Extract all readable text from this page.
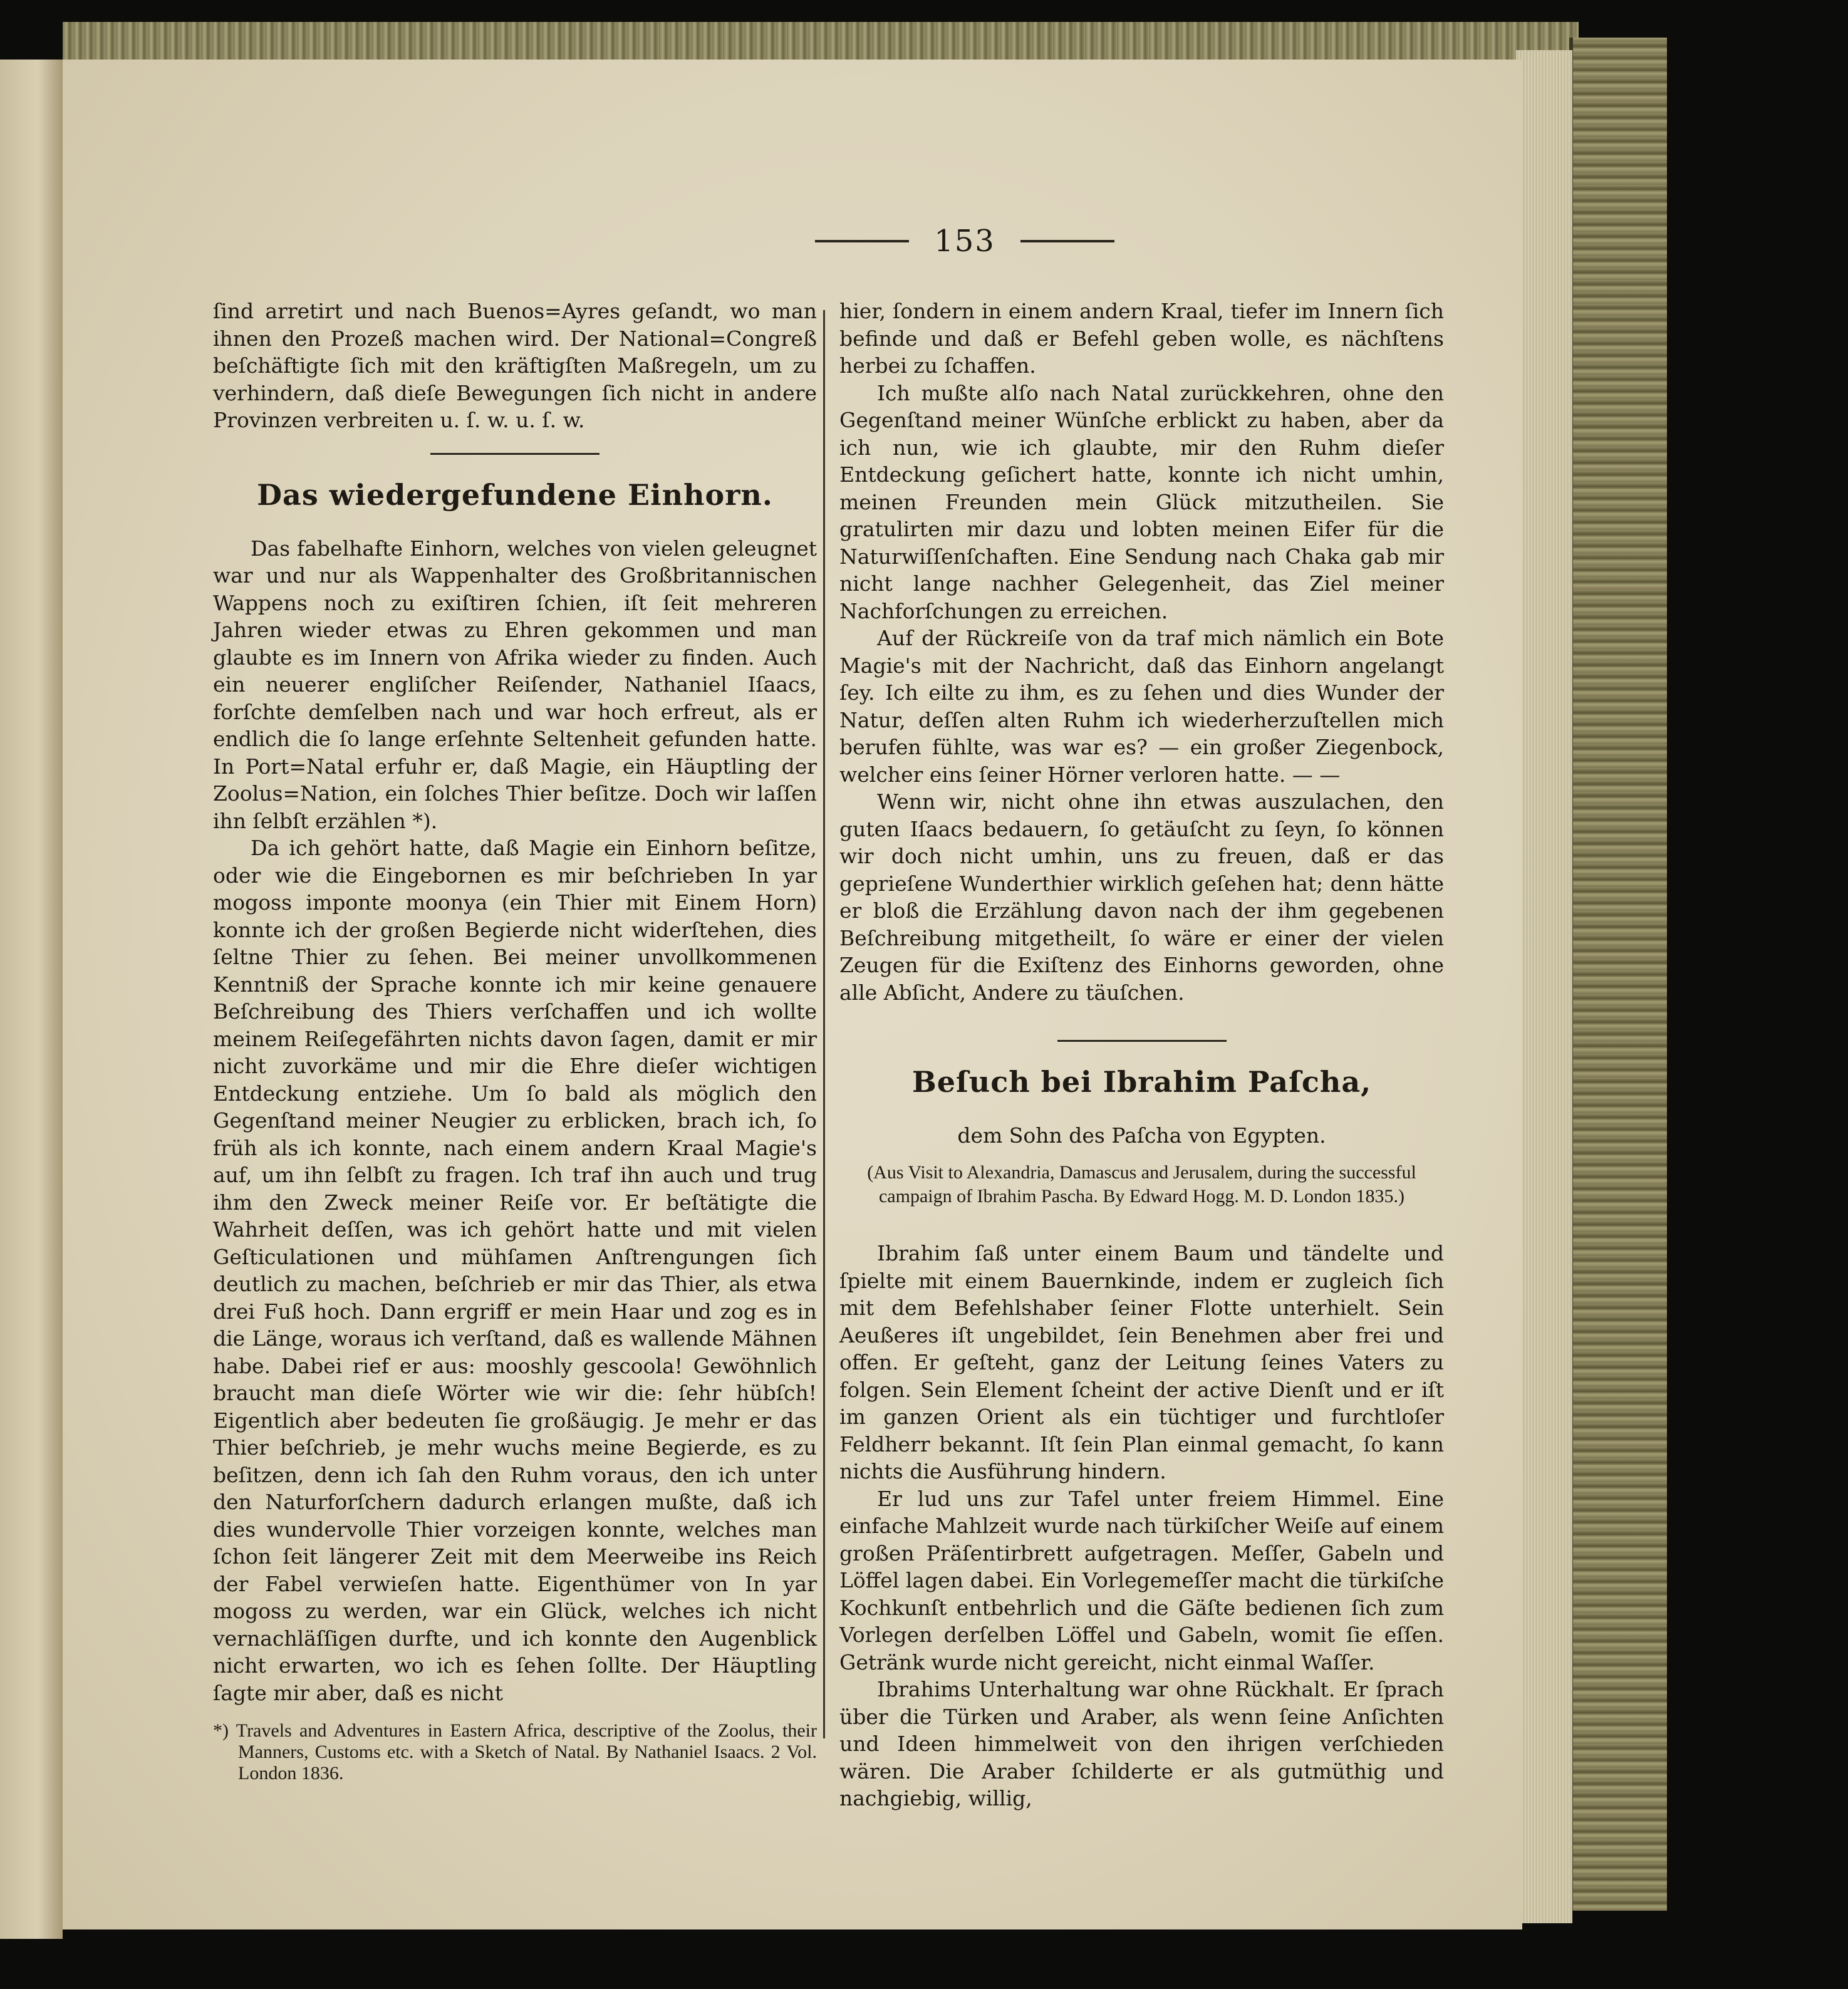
153

ſind arretirt und nach Buenos=Ayres geſandt, wo man ihnen den Prozeß machen wird. Der National=Congreß beſchäftigte ſich mit den kräftigſten Maßregeln, um zu verhindern, daß dieſe Bewegungen ſich nicht in andere Provinzen verbreiten u. ſ. w. u. ſ. w.

Das wiedergefundene Einhorn.

Das fabelhafte Einhorn, welches von vielen geleugnet war und nur als Wappenhalter des Großbritannischen Wappens noch zu exiſtiren ſchien, iſt ſeit mehreren Jahren wieder etwas zu Ehren gekommen und man glaubte es im Innern von Afrika wieder zu finden. Auch ein neuerer engliſcher Reiſender, Nathaniel Iſaacs, forſchte demſelben nach und war hoch erfreut, als er endlich die ſo lange erſehnte Seltenheit gefunden hatte. In Port=Natal erfuhr er, daß Magie, ein Häuptling der Zoolus=Nation, ein ſolches Thier beſitze. Doch wir laſſen ihn ſelbſt erzählen *).

Da ich gehört hatte, daß Magie ein Einhorn beſitze, oder wie die Eingebornen es mir beſchrieben In yar mogoss imponte moonya (ein Thier mit Einem Horn) konnte ich der großen Begierde nicht widerſtehen, dies ſeltne Thier zu ſehen. Bei meiner unvollkommenen Kenntniß der Sprache konnte ich mir keine genauere Beſchreibung des Thiers verſchaffen und ich wollte meinem Reiſegefährten nichts davon ſagen, damit er mir nicht zuvorkäme und mir die Ehre dieſer wichtigen Entdeckung entziehe. Um ſo bald als möglich den Gegenſtand meiner Neugier zu erblicken, brach ich, ſo früh als ich konnte, nach einem andern Kraal Magie's auf, um ihn ſelbſt zu fragen. Ich traf ihn auch und trug ihm den Zweck meiner Reiſe vor. Er beſtätigte die Wahrheit deſſen, was ich gehört hatte und mit vielen Geſticulationen und mühſamen Anſtrengungen ſich deutlich zu machen, beſchrieb er mir das Thier, als etwa drei Fuß hoch. Dann ergriff er mein Haar und zog es in die Länge, woraus ich verſtand, daß es wallende Mähnen habe. Dabei rief er aus: mooshly gescoola! Gewöhnlich braucht man dieſe Wörter wie wir die: ſehr hübſch! Eigentlich aber bedeuten ſie großäugig. Je mehr er das Thier beſchrieb, je mehr wuchs meine Begierde, es zu beſitzen, denn ich ſah den Ruhm voraus, den ich unter den Naturforſchern dadurch erlangen mußte, daß ich dies wundervolle Thier vorzeigen konnte, welches man ſchon ſeit längerer Zeit mit dem Meerweibe ins Reich der Fabel verwieſen hatte. Eigenthümer von In yar mogoss zu werden, war ein Glück, welches ich nicht vernachläſſigen durfte, und ich konnte den Augenblick nicht erwarten, wo ich es ſehen ſollte. Der Häuptling ſagte mir aber, daß es nicht

*) Travels and Adventures in Eastern Africa, descriptive of the Zoolus, their Manners, Customs etc. with a Sketch of Natal. By Nathaniel Isaacs. 2 Vol. London 1836.

hier, ſondern in einem andern Kraal, tiefer im Innern ſich befinde und daß er Befehl geben wolle, es nächſtens herbei zu ſchaffen.

Ich mußte alſo nach Natal zurückkehren, ohne den Gegenſtand meiner Wünſche erblickt zu haben, aber da ich nun, wie ich glaubte, mir den Ruhm dieſer Entdeckung geſichert hatte, konnte ich nicht umhin, meinen Freunden mein Glück mitzutheilen. Sie gratulirten mir dazu und lobten meinen Eifer für die Naturwiſſenſchaften. Eine Sendung nach Chaka gab mir nicht lange nachher Gelegenheit, das Ziel meiner Nachforſchungen zu erreichen.

Auf der Rückreiſe von da traf mich nämlich ein Bote Magie's mit der Nachricht, daß das Einhorn angelangt ſey. Ich eilte zu ihm, es zu ſehen und dies Wunder der Natur, deſſen alten Ruhm ich wiederherzuſtellen mich berufen fühlte, was war es? — ein großer Ziegenbock, welcher eins ſeiner Hörner verloren hatte. — —

Wenn wir, nicht ohne ihn etwas auszulachen, den guten Iſaacs bedauern, ſo getäuſcht zu ſeyn, ſo können wir doch nicht umhin, uns zu freuen, daß er das geprieſene Wunderthier wirklich geſehen hat; denn hätte er bloß die Erzählung davon nach der ihm gegebenen Beſchreibung mitgetheilt, ſo wäre er einer der vielen Zeugen für die Exiſtenz des Einhorns geworden, ohne alle Abſicht, Andere zu täuſchen.

Beſuch bei Ibrahim Paſcha,
dem Sohn des Paſcha von Egypten.
(Aus Visit to Alexandria, Damascus and Jerusalem, during the successful campaign of Ibrahim Pascha. By Edward Hogg. M. D. London 1835.)

Ibrahim ſaß unter einem Baum und tändelte und ſpielte mit einem Bauernkinde, indem er zugleich ſich mit dem Befehlshaber ſeiner Flotte unterhielt. Sein Aeußeres iſt ungebildet, ſein Benehmen aber frei und offen. Er geſteht, ganz der Leitung ſeines Vaters zu folgen. Sein Element ſcheint der active Dienſt und er iſt im ganzen Orient als ein tüchtiger und furchtloſer Feldherr bekannt. Iſt ſein Plan einmal gemacht, ſo kann nichts die Ausführung hindern.

Er lud uns zur Tafel unter freiem Himmel. Eine einfache Mahlzeit wurde nach türkiſcher Weiſe auf einem großen Präſentirbrett aufgetragen. Meſſer, Gabeln und Löffel lagen dabei. Ein Vorlegemeſſer macht die türkiſche Kochkunſt entbehrlich und die Gäſte bedienen ſich zum Vorlegen derſelben Löffel und Gabeln, womit ſie eſſen. Getränk wurde nicht gereicht, nicht einmal Waſſer.

Ibrahims Unterhaltung war ohne Rückhalt. Er ſprach über die Türken und Araber, als wenn ſeine Anſichten und Ideen himmelweit von den ihrigen verſchieden wären. Die Araber ſchilderte er als gutmüthig und nachgiebig, willig,
